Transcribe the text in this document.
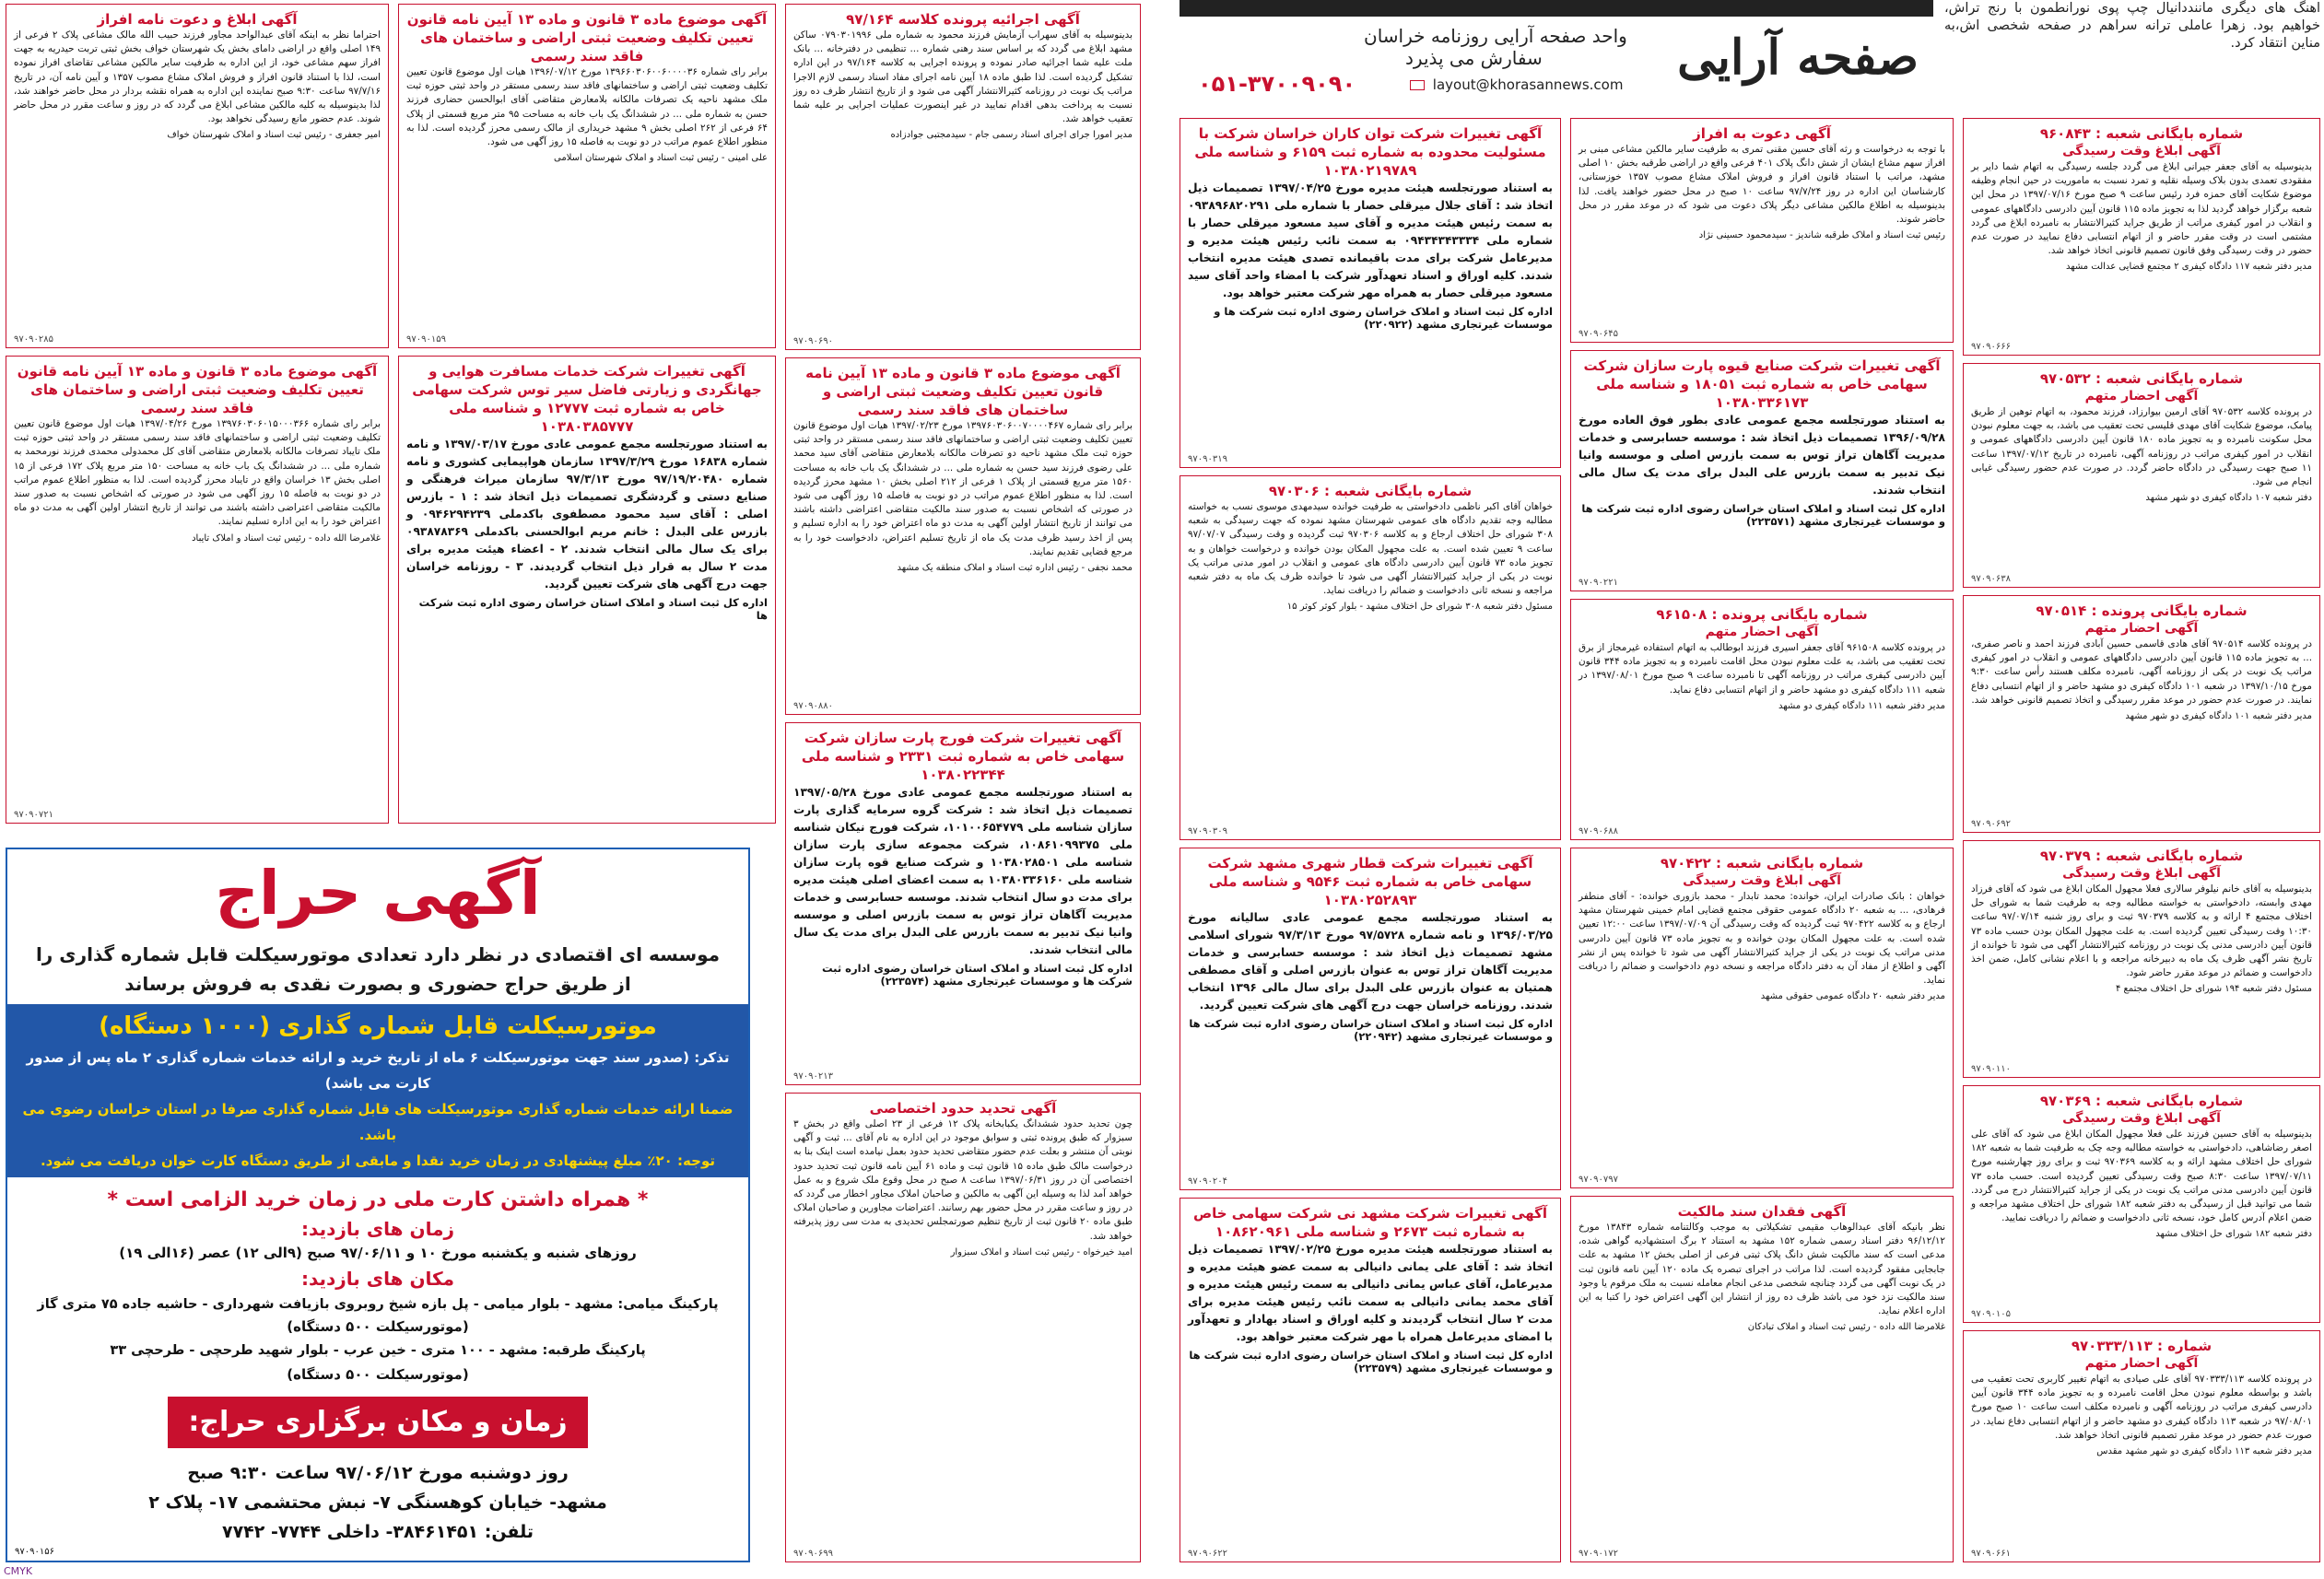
صفحه آرایی
واحد صفحه آرایی روزنامه خراسان
سفارش می پذیرد
۰۵۱-۳۷۰۰۹۰۹۰	layout@khorasannews.com
اهنگ های دیگری ماننددانیال چپ پوی نورانطمون با رنج تراش، خواهیم بود. زهرا عاملی ترانه سراهم در صفحه شخصی اش،به مناین انتقاد کرد.
شماره بایگانی شعبه : ۹۶۰۸۴۳
آگهی ابلاغ وقت رسیدگی
بدینوسیله به آقای جعفر جیرانی ابلاغ می گردد جلسه رسیدگی به اتهام شما دایر بر مفقودی تعمدی بدون بلاک وسیله نقلیه و تمرد نسبت به ماموریت در حین انجام وظیفه موضوع شکایت آقای حمزه فرد رئیس ساعت ۹ صبح مورخ ۱۳۹۷/۰۷/۱۶ در محل این شعبه برگزار خواهد گردید لذا به تجویز ماده ۱۱۵ قانون آیین دادرسی دادگاههای عمومی و انقلاب در امور کیفری مراتب از طریق جراید کثیرالانتشار به نامبرده ابلاغ می گردد مشتمی است در وقت مقرر حاضر و از اتهام انتسابی دفاع نمایید در صورت عدم حضور در وقت رسیدگی وفق قانون تصمیم قانونی اتخاذ خواهد شد.
مدیر دفتر شعبه ۱۱۷ دادگاه کیفری ۲ مجتمع قضایی عدالت مشهد
۹۷۰۹۰۶۶۶
شماره بایگانی شعبه : ۹۷۰۵۳۲
آگهی احضار متهم
در پرونده کلاسه ۹۷۰۵۳۲ آقای ارمین بیوارزاد، فرزند محمود، به اتهام توهین از طریق پیامک، موضوع شکایت آقای مهدی قلیسی تحت تعقیب می باشد، به جهت معلوم نبودن محل سکونت نامبرده و به تجویز ماده ۱۸۰ قانون آیین دادرسی دادگاههای عمومی و انقلاب در امور کیفری مراتب در روزنامه آگهی، نامبرده در تاریخ ۱۳۹۷/۰۷/۱۲ ساعت ۱۱ صبح جهت رسیدگی در دادگاه حاضر گردد. در صورت عدم حضور رسیدگی غیابی انجام می شود.
دفتر شعبه ۱۰۷ دادگاه کیفری دو شهر مشهد
۹۷۰۹۰۶۳۸
شماره بایگانی پرونده : ۹۷۰۵۱۴
آگهی احضار متهم
در پرونده کلاسه ۹۷۰۵۱۴ آقای هادی قاسمی حسین آبادی فرزند احمد و ناصر صفری، ... به تجویز ماده ۱۱۵ قانون آیین دادرسی دادگاههای عمومی و انقلاب در امور کیفری مراتب یک نوبت در یکی از روزنامه آگهی، نامبرده مکلف هستند رأس ساعت ۹:۳۰ مورخ ۱۳۹۷/۱۰/۱۵ در شعبه ۱۰۱ دادگاه کیفری دو مشهد حاضر و از اتهام انتسابی دفاع نمایند. در صورت عدم حضور در موعد مقرر رسیدگی و اتخاذ تصمیم قانونی خواهد شد.
مدیر دفتر شعبه ۱۰۱ دادگاه کیفری دو شهر مشهد
۹۷۰۹۰۶۹۲
شماره بایگانی شعبه : ۹۷۰۳۷۹
آگهی ابلاغ وقت رسیدگی
بدینوسیله به آقای خانم نیلوفر سالاری فعلا مجهول المکان ابلاغ می شود که آقای فرزاد مهدی وابسته، دادخواستی به خواسته مطالبه وجه به طرفیت شما به شورای حل اختلاف مجتمع ۴ ارائه و به کلاسه ۹۷۰۳۷۹ ثبت و برای روز شنبه ۹۷/۰۷/۱۴ ساعت ۱۰:۳۰ وقت رسیدگی تعیین گردیده است. به علت مجهول المکان بودن حسب ماده ۷۳ قانون آیین دادرسی مدنی یک نوبت در روزنامه کثیرالانتشار آگهی می شود تا خوانده از تاریخ نشر آگهی ظرف یک ماه به دبیرخانه مراجعه و با اعلام نشانی کامل، ضمن اخذ دادخواست و ضمائم در موعد مقرر حاضر شود.
مسئول دفتر شعبه ۱۹۴ شورای حل اختلاف مجتمع ۴
۹۷۰۹۰۱۱۰
شماره بایگانی شعبه : ۹۷۰۳۶۹
آگهی ابلاغ وقت رسیدگی
بدینوسیله به آقای حسین فرزند علی فعلا مجهول المکان ابلاغ می شود که آقای علی اصغر رضاشاهی، دادخواستی به خواسته مطالبه وجه چک به طرفیت شما به شعبه ۱۸۲ شورای حل اختلاف مشهد ارائه و به کلاسه ۹۷۰۳۶۹ ثبت و برای روز چهارشنبه مورخ ۱۳۹۷/۰۷/۱۱ ساعت ۸:۳۰ صبح وقت رسیدگی تعیین گردیده است. حسب ماده ۷۳ قانون آیین دادرسی مدنی مراتب یک نوبت در یکی از جراید کثیرالانتشار درج می گردد. شما می توانید قبل از رسیدگی به دفتر شعبه ۱۸۲ شورای حل اختلاف مشهد مراجعه و ضمن اعلام آدرس کامل خود، نسخه ثانی دادخواست و ضمائم را دریافت نمایید.
دفتر شعبه ۱۸۲ شورای حل اختلاف مشهد
۹۷۰۹۰۱۰۵
شماره : ۹۷۰۳۳۳/۱۱۳
آگهی احضار متهم
در پرونده کلاسه ۹۷۰۳۳۳/۱۱۳ آقای علی صیادی به اتهام تغییر کاربری تحت تعقیب می باشد و بواسطه معلوم نبودن محل اقامت نامبرده و به تجویز ماده ۳۴۴ قانون آیین دادرسی کیفری مراتب در روزنامه آگهی و نامبرده مکلف است ساعت ۱۰ صبح مورخ ۹۷/۰۸/۰۱ در شعبه ۱۱۳ دادگاه کیفری دو مشهد حاضر و از اتهام انتسابی دفاع نماید. در صورت عدم حضور در موعد مقرر تصمیم قانونی اتخاذ خواهد شد.
مدیر دفتر شعبه ۱۱۳ دادگاه کیفری دو شهر مشهد مقدس
۹۷۰۹۰۶۶۱
آگهی دعوت به افراز
با توجه به درخواست و رثه آقای حسین مقنی تمری به طرفیت سایر مالکین مشاعی مبنی بر افراز سهم مشاع ایشان از شش دانگ پلاک ۴۰۱ فرعی واقع در اراضی طرقبه بخش ۱۰ اصلی مشهد، مراتب با استناد قانون افراز و فروش املاک مشاع مصوب ۱۳۵۷ خوزستانی، کارشناسان این اداره در روز ۹۷/۷/۲۴ ساعت ۱۰ صبح در محل حضور خواهند یافت. لذا بدینوسیله به اطلاع مالکین مشاعی دیگر پلاک دعوت می شود که در موعد مقرر در محل حاضر شوند.
رئیس ثبت اسناد و املاک طرقبه شاندیز - سیدمحمود حسینی نژاد
۹۷۰۹۰۶۴۵
آگهی تغییرات شرکت صنایع قیوه پارت سازان شرکت سهامی خاص به شماره ثبت ۱۸۰۵۱ و شناسه ملی ۱۰۳۸۰۳۳۶۱۷۳
به استناد صورتجلسه مجمع عمومی عادی بطور فوق العاده مورخ ۱۳۹۶/۰۹/۲۸ تصمیمات ذیل اتخاذ شد : موسسه حسابرسی و خدمات مدیریت آگاهان تراز توس به سمت بازرس اصلی و موسسه وانیا نیک تدبیر به سمت بازرس علی البدل برای مدت یک سال مالی انتخاب شدند.
اداره کل ثبت اسناد و املاک استان خراسان رضوی اداره ثبت شرکت ها و موسسات غیرتجاری مشهد (۲۲۳۵۷۱)
۹۷۰۹۰۲۲۱
شماره بایگانی پرونده : ۹۶۱۵۰۸
آگهی احضار متهم
در پرونده کلاسه ۹۶۱۵۰۸ آقای جعفر اسیری فرزند ابوطالب به اتهام استفاده غیرمجاز از برق تحت تعقیب می باشد، به علت معلوم نبودن محل اقامت نامبرده و به تجویز ماده ۳۴۴ قانون آیین دادرسی کیفری مراتب در روزنامه آگهی تا نامبرده ساعت ۹ صبح مورخ ۱۳۹۷/۰۸/۰۱ در شعبه ۱۱۱ دادگاه کیفری دو مشهد حاضر و از اتهام انتسابی دفاع نماید.
مدیر دفتر شعبه ۱۱۱ دادگاه کیفری دو مشهد
۹۷۰۹۰۶۸۸
شماره بایگانی شعبه : ۹۷۰۴۲۲
آگهی ابلاغ وقت رسیدگی
خواهان : بانک صادرات ایران، خوانده: محمد تابدار - محمد بازوری خوانده: - آقای منطفر فرهادی، ... به شعبه ۲۰ دادگاه عمومی حقوقی مجتمع قضایی امام خمینی شهرستان مشهد ارجاع و به کلاسه ۹۷۰۴۲۲ ثبت گردیده که وقت رسیدگی آن ۱۳۹۷/۰۷/۰۹ ساعت ۱۲:۰۰ تعیین شده است. به علت مجهول المکان بودن خوانده و به تجویز ماده ۷۳ قانون آیین دادرسی مدنی مراتب یک نوبت در یکی از جراید کثیرالانتشار آگهی می شود تا خوانده پس از نشر آگهی و اطلاع از مفاد آن به دفتر دادگاه مراجعه و نسخه دوم دادخواست و ضمائم را دریافت نماید.
مدیر دفتر شعبه ۲۰ دادگاه عمومی حقوقی مشهد
۹۷۰۹۰۷۹۷
آگهی فقدان سند مالکیت
نظر بانیکه آقای عبدالوهاب مقیمی تشکیلاتی به موجب وکالتنامه شماره ۱۳۸۴۳ مورخ ۹۶/۱۲/۱۲ دفتر اسناد رسمی شماره ۱۵۲ مشهد به استناد ۲ برگ استشهادیه گواهی شده، مدعی است که سند مالکیت شش دانگ پلاک ثبتی فرعی از اصلی بخش ۱۲ مشهد به علت جابجایی مفقود گردیده است. لذا مراتب در اجرای تبصره یک ماده ۱۲۰ آیین نامه قانون ثبت در یک نوبت آگهی می گردد چنانچه شخصی مدعی انجام معامله نسبت به ملک مرقوم یا وجود سند مالکیت نزد خود می باشد ظرف ده روز از انتشار این آگهی اعتراض خود را کتبا به این اداره اعلام نماید.
غلامرضا الله داده - رئیس ثبت اسناد و املاک تبادکان
۹۷۰۹۰۱۷۲
آگهی تغییرات شرکت توان کاران خراسان شرکت با مسئولیت محدوده به شماره ثبت ۶۱۵۹ و شناسه ملی ۱۰۳۸۰۲۱۹۷۸۹
به استناد صورتجلسه هیئت مدیره مورخ ۱۳۹۷/۰۴/۲۵ تصمیمات ذیل اتخاذ شد : آقای جلال میرقلی حصار با شماره ملی ۰۹۳۸۹۶۸۲۰۲۹۱ به سمت رئیس هیئت مدیره و آقای سید مسعود میرقلی حصار با شماره ملی ۰۹۴۳۴۳۴۳۳۳۴ به سمت نائب رئیس هیئت مدیره و مدیرعامل شرکت برای مدت باقیمانده تصدی هیئت مدیره انتخاب شدند. کلیه اوراق و اسناد تعهدآور شرکت با امضاء واحد آقای سید مسعود میرقلی حصار به همراه مهر شرکت معتبر خواهد بود.
اداره کل ثبت اسناد و املاک خراسان رضوی اداره ثبت شرکت ها و موسسات غیرتجاری مشهد (۲۲۰۹۲۲)
۹۷۰۹۰۳۱۹
شماره بایگانی شعبه : ۹۷۰۳۰۶
خواهان آقای اکبر ناظمی دادخواستی به طرفیت خوانده سیدمهدی موسوی نسب به خواسته مطالبه وجه تقدیم دادگاه های عمومی شهرستان مشهد نموده که جهت رسیدگی به شعبه ۳۰۸ شورای حل اختلاف ارجاع و به کلاسه ۹۷۰۳۰۶ ثبت گردیده و وقت رسیدگی ۹۷/۰۷/۰۷ ساعت ۹ تعیین شده است. به علت مجهول المکان بودن خوانده و درخواست خواهان و به تجویز ماده ۷۳ قانون آیین دادرسی دادگاه های عمومی و انقلاب در امور مدنی مراتب یک نوبت در یکی از جراید کثیرالانتشار آگهی می شود تا خوانده ظرف یک ماه به دفتر شعبه مراجعه و نسخه ثانی دادخواست و ضمائم را دریافت نماید.
مسئول دفتر شعبه ۳۰۸ شورای حل اختلاف مشهد - بلوار کوثر کوثر ۱۵
۹۷۰۹۰۳۰۹
آگهی تغییرات شرکت قطار شهری مشهد شرکت سهامی خاص به شماره ثبت ۹۵۴۶ و شناسه ملی ۱۰۳۸۰۲۵۲۸۹۳
به استناد صورتجلسه مجمع عمومی عادی سالیانه مورخ ۱۳۹۶/۰۳/۲۵ و نامه شماره ۹۷/۵۷۲۸ مورخ ۹۷/۳/۱۳ شورای اسلامی مشهد تصمیمات ذیل اتخاذ شد : موسسه حسابرسی و خدمات مدیریت آگاهان تراز توس به عنوان بازرس اصلی و آقای مصطفی همتیان به عنوان بازرس علی البدل برای سال مالی ۱۳۹۶ انتخاب شدند. روزنامه خراسان جهت درج آگهی های شرکت تعیین گردید.
اداره کل ثبت اسناد و املاک استان خراسان رضوی اداره ثبت شرکت ها و موسسات غیرتجاری مشهد (۲۲۰۹۴۲)
۹۷۰۹۰۲۰۴
آگهی تغییرات شرکت مشهد نی شرکت سهامی خاص به شماره ثبت ۲۶۷۳ و شناسه ملی ۱۰۸۶۲۰۹۶۱
به استناد صورتجلسه هیئت مدیره مورخ ۱۳۹۷/۰۲/۲۵ تصمیمات ذیل اتخاذ شد : آقای علی یمانی دانیالی به سمت عضو هیئت مدیره و مدیرعامل، آقای عباس یمانی دانیالی به سمت رئیس هیئت مدیره و آقای محمد یمانی دانیالی به سمت نائب رئیس هیئت مدیره برای مدت ۲ سال انتخاب گردیدند و کلیه اوراق و اسناد بهادار و تعهدآور با امضای مدیرعامل همراه با مهر شرکت معتبر خواهد بود.
اداره کل ثبت اسناد و املاک استان خراسان رضوی اداره ثبت شرکت ها و موسسات غیرتجاری مشهد (۲۲۳۵۷۹)
۹۷۰۹۰۶۲۲
آگهی اجرائیه پرونده کلاسه ۹۷/۱۶۴
بدینوسیله به آقای سهراب آزمایش فرزند محمود به شماره ملی ۰۷۹۰۳۰۱۹۹۶ ساکن مشهد ابلاغ می گردد که بر اساس سند رهنی شماره ... تنظیمی در دفترخانه ... بانک ملت علیه شما اجرائیه صادر نموده و پرونده اجرایی به کلاسه ۹۷/۱۶۴ در این اداره تشکیل گردیده است. لذا طبق ماده ۱۸ آیین نامه اجرای مفاد اسناد رسمی لازم الاجرا مراتب یک نوبت در روزنامه کثیرالانتشار آگهی می شود و از تاریخ انتشار ظرف ده روز نسبت به پرداخت بدهی اقدام نمایید در غیر اینصورت عملیات اجرایی بر علیه شما تعقیب خواهد شد.
مدیر امورا جرای اجرای اسناد رسمی جام - سیدمجتبی جوادزاده
۹۷۰۹۰۶۹۰
آگهی موضوع ماده ۳ قانون و ماده ۱۳ آیین نامه قانون تعیین تکلیف وضعیت ثبتی اراضی و ساختمان های فاقد سند رسمی
برابر رای شماره ۱۳۹۷۶۰۳۰۶۰۰۷۰۰۰۰۴۶۷ مورخ ۱۳۹۷/۰۲/۲۳ هیات اول موضوع قانون تعیین تکلیف وضعیت ثبتی اراضی و ساختمانهای فاقد سند رسمی مستقر در واحد ثبتی حوزه ثبت ملک مشهد ناحیه دو تصرفات مالکانه بلامعارض متقاضی آقای سید محمد علی رضوی فرزند سید حسن به شماره ملی ... در ششدانگ یک باب خانه به مساحت ۱۵۶۰ متر مربع قسمتی از پلاک ۱ فرعی از ۲۱۲ اصلی بخش ۱۰ مشهد محرز گردیده است. لذا به منظور اطلاع عموم مراتب در دو نوبت به فاصله ۱۵ روز آگهی می شود در صورتی که اشخاص نسبت به صدور سند مالکیت متقاضی اعتراضی داشته باشند می توانند از تاریخ انتشار اولین آگهی به مدت دو ماه اعتراض خود را به اداره تسلیم و پس از اخذ رسید ظرف مدت یک ماه از تاریخ تسلیم اعتراض، دادخواست خود را به مرجع قضایی تقدیم نمایند.
محمد نجفی - رئیس اداره ثبت اسناد و املاک منطقه یک مشهد
۹۷۰۹۰۸۸۰
آگهی تغییرات شرکت فورج پارت سازان شرکت سهامی خاص به شماره ثبت ۲۳۳۱ و شناسه ملی ۱۰۳۸۰۲۲۳۴۴
به استناد صورتجلسه مجمع عمومی عادی مورخ ۱۳۹۷/۰۵/۲۸ تصمیمات ذیل اتخاذ شد : شرکت گروه سرمایه گذاری پارت سازان شناسه ملی ۱۰۱۰۰۶۵۴۷۷۹، شرکت فورج نیکان شناسه ملی ۱۰۸۶۱۰۹۹۳۷۵، شرکت مجموعه سازی پارت سازان شناسه ملی ۱۰۳۸۰۲۸۵۰۱ و شرکت صنایع قوه پارت سازان شناسه ملی ۱۰۳۸۰۳۳۶۱۶۰ به سمت اعضای اصلی هیئت مدیره برای مدت دو سال انتخاب شدند. موسسه حسابرسی و خدمات مدیریت آگاهان تراز توس به سمت بازرس اصلی و موسسه وانیا نیک تدبیر به سمت بازرس علی البدل برای مدت یک سال مالی انتخاب شدند.
اداره کل ثبت اسناد و املاک استان خراسان رضوی اداره ثبت شرکت ها و موسسات غیرتجاری مشهد (۲۲۳۵۷۴)
۹۷۰۹۰۲۱۳
آگهی تحدید حدود اختصاصی
چون تحدید حدود ششدانگ یکبابخانه پلاک ۱۲ فرعی از ۲۳ اصلی واقع در بخش ۳ سبزوار که طبق پرونده ثبتی و سوابق موجود در این اداره به نام آقای ... ثبت و آگهی نوبتی آن منتشر و بعلت عدم حضور متقاضی تحدید حدود بعمل نیامده است اینک بنا به درخواست مالک طبق ماده ۱۵ قانون ثبت و ماده ۶۱ آیین نامه قانون ثبت تحدید حدود اختصاصی آن در روز ۱۳۹۷/۰۶/۳۱ ساعت ۸ صبح در محل وقوع ملک شروع و به عمل خواهد آمد لذا به وسیله این آگهی به مالکین و صاحبان املاک مجاور اخطار می گردد که در روز و ساعت مقرر در محل حضور بهم رسانند. اعتراضات مجاورین و صاحبان املاک طبق ماده ۲۰ قانون ثبت از تاریخ تنظیم صورتمجلس تحدیدی به مدت سی روز پذیرفته خواهد شد.
امید خیرخواه - رئیس ثبت اسناد و املاک سبزوار
۹۷۰۹۰۶۹۹
آگهی موضوع ماده ۳ قانون و ماده ۱۳ آیین نامه قانون تعیین تکلیف وضعیت ثبتی اراضی و ساختمان های فاقد سند رسمی
برابر رای شماره ۱۳۹۶۶۰۳۰۶۰۰۶۰۰۰۰۳۶ مورخ ۱۳۹۶/۰۷/۱۲ هیات اول موضوع قانون تعیین تکلیف وضعیت ثبتی اراضی و ساختمانهای فاقد سند رسمی مستقر در واحد ثبتی حوزه ثبت ملک مشهد ناحیه یک تصرفات مالکانه بلامعارض متقاضی آقای ابوالحسن حضاری فرزند حسن به شماره ملی ... در ششدانگ یک باب خانه به مساحت ۹۵ متر مربع قسمتی از پلاک ۶۴ فرعی از ۲۶۲ اصلی بخش ۹ مشهد خریداری از مالک رسمی محرز گردیده است. لذا به منظور اطلاع عموم مراتب در دو نوبت به فاصله ۱۵ روز آگهی می شود.
علی امینی - رئیس ثبت اسناد و املاک شهرستان اسلامی
۹۷۰۹۰۱۵۹
آگهی تغییرات شرکت خدمات مسافرت هوایی و جهانگردی و زیارتی فاضل سیر توس شرکت سهامی خاص به شماره ثبت ۱۲۷۷۷ و شناسه ملی ۱۰۳۸۰۳۸۵۷۷۷
به استناد صورتجلسه مجمع عمومی عادی مورخ ۱۳۹۷/۰۳/۱۷ و نامه شماره ۱۶۸۳۸ مورخ ۱۳۹۷/۳/۲۹ سازمان هواپیمایی کشوری و نامه شماره ۹۷/۱۹/۲۰۴۸۰ مورخ ۹۷/۳/۱۳ سازمان میراث فرهنگی و صنایع دستی و گردشگری تصمیمات ذیل اتخاذ شد : ۱ - بازرس اصلی : آقای سید محمود مصطفوی باکدملی ۰۹۴۶۲۹۴۲۳۹ و بازرس علی البدل : خانم مریم ابوالحسنی باکدملی ۰۹۳۸۷۸۳۶۹ برای یک سال مالی انتخاب شدند. ۲ - اعضاء هیئت مدیره برای مدت ۲ سال به قرار ذیل انتخاب گردیدند. ۳ - روزنامه خراسان جهت درج آگهی های شرکت تعیین گردید.
اداره کل ثبت اسناد و املاک استان خراسان رضوی اداره ثبت شرکت ها
آگهی ابلاغ و دعوت نامه افراز
احتراما نظر به اینکه آقای عبدالواحد مجاور فرزند حبیب الله مالک مشاعی پلاک ۲ فرعی از ۱۴۹ اصلی واقع در اراضی دامای بخش یک شهرستان خواف بخش ثبتی تربت حیدریه به جهت افراز سهم مشاعی خود، از این اداره به طرفیت سایر مالکین مشاعی تقاضای افراز نموده است، لذا با استناد قانون افراز و فروش املاک مشاع مصوب ۱۳۵۷ و آیین نامه آن، در تاریخ ۹۷/۷/۱۶ ساعت ۹:۳۰ صبح نماینده این اداره به همراه نقشه بردار در محل حاضر خواهند شد، لذا بدینوسیله به کلیه مالکین مشاعی ابلاغ می گردد که در روز و ساعت مقرر در محل حاضر شوند. عدم حضور مانع رسیدگی نخواهد بود.
امیر جعفری - رئیس ثبت اسناد و املاک شهرستان خواف
۹۷۰۹۰۲۸۵
آگهی موضوع ماده ۳ قانون و ماده ۱۳ آیین نامه قانون تعیین تکلیف وضعیت ثبتی اراضی و ساختمان های فاقد سند رسمی
برابر رای شماره ۱۳۹۷۶۰۳۰۶۰۱۵۰۰۰۳۶۶ مورخ ۱۳۹۷/۰۴/۲۶ هیات اول موضوع قانون تعیین تکلیف وضعیت ثبتی اراضی و ساختمانهای فاقد سند رسمی مستقر در واحد ثبتی حوزه ثبت ملک تایباد تصرفات مالکانه بلامعارض متقاضی آقای کل محمدولی محمدی فرزند نورمحمد به شماره ملی ... در ششدانگ یک باب خانه به مساحت ۱۵۰ متر مربع پلاک ۱۷۲ فرعی از ۱۵ اصلی بخش ۱۳ خراسان واقع در تایباد محرز گردیده است. لذا به منظور اطلاع عموم مراتب در دو نوبت به فاصله ۱۵ روز آگهی می شود در صورتی که اشخاص نسبت به صدور سند مالکیت متقاضی اعتراضی داشته باشند می توانند از تاریخ انتشار اولین آگهی به مدت دو ماه اعتراض خود را به این اداره تسلیم نمایند.
غلامرضا الله داده - رئیس ثبت اسناد و املاک تایباد
۹۷۰۹۰۷۲۱
آگهی حراج
موسسه ای اقتصادی در نظر دارد تعدادی موتورسیکلت قابل شماره گذاری را از طریق حراج حضوری و بصورت نقدی به فروش برساند
موتورسیکلت قابل شماره گذاری (۱۰۰۰ دستگاه)
تذکر: (صدور سند جهت موتورسیکلت ۶ ماه از تاریخ خرید و ارائه خدمات شماره گذاری ۲ ماه پس از صدور کارت می باشد)
ضمنا ارائه خدمات شماره گذاری موتورسیکلت های قابل شماره گذاری صرفا در استان خراسان رضوی می باشد.
توجه: ۲۰٪ مبلغ پیشنهادی در زمان خرید نقدا و مابقی از طریق دستگاه کارت خوان دریافت می شود.
* همراه داشتن کارت ملی در زمان خرید الزامی است *
زمان های بازدید:
روزهای شنبه و یکشنبه مورخ ۱۰ و ۹۷/۰۶/۱۱ صبح (۹الی ۱۲) عصر (۱۶الی ۱۹)
مکان های بازدید:
پارکینگ میامی: مشهد - بلوار میامی - پل بازه شیخ روبروی بازیافت شهرداری - حاشیه جاده ۷۵ متری گاز
(موتورسیکلت ۵۰۰ دستگاه)
پارکینگ طرقبه: مشهد - ۱۰۰ متری - خین عرب - بلوار شهید طرحچی - طرحچی ۳۳
(موتورسیکلت ۵۰۰ دستگاه)
زمان و مکان برگزاری حراج:
روز دوشنبه مورخ ۹۷/۰۶/۱۲ ساعت ۹:۳۰ صبح
مشهد- خیابان کوهسنگی ۷- نبش محتشمی ۱۷- پلاک ۲
تلفن: ۳۸۴۶۱۴۵۱- داخلی ۷۷۴۴- ۷۷۴۲
۹۷۰۹۰۱۵۶
CMYK
